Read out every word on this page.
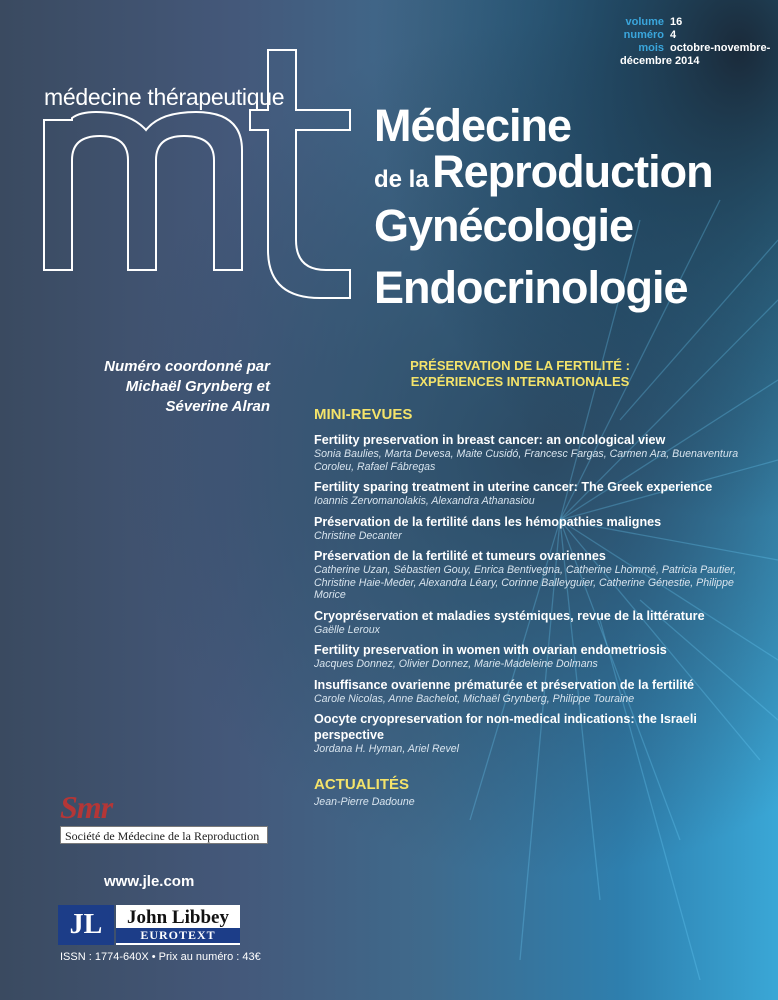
volume 16
numéro 4
mois octobre-novembre-décembre 2014
médecine thérapeutique
Médecine
de la Reproduction
Gynécologie
Endocrinologie
Numéro coordonné par
Michaël Grynberg et
Séverine Alran
PRÉSERVATION DE LA FERTILITÉ :
EXPÉRIENCES INTERNATIONALES
MINI-REVUES
Fertility preservation in breast cancer: an oncological view
Sonia Baulies, Marta Devesa, Maite Cusidó, Francesc Fargas, Carmen Ara, Buenaventura Coroleu, Rafael Fábregas
Fertility sparing treatment in uterine cancer: The Greek experience
Ioannis Zervomanolakis, Alexandra Athanasiou
Préservation de la fertilité dans les hémopathies malignes
Christine Decanter
Préservation de la fertilité et tumeurs ovariennes
Catherine Uzan, Sébastien Gouy, Enrica Bentivegna, Catherine Lhommé, Patricia Pautier, Christine Haie-Meder, Alexandra Léary, Corinne Balleyguier, Catherine Génestie, Philippe Morice
Cryopréservation et maladies systémiques, revue de la littérature
Gaëlle Leroux
Fertility preservation in women with ovarian endometriosis
Jacques Donnez, Olivier Donnez, Marie-Madeleine Dolmans
Insuffisance ovarienne prématurée et préservation de la fertilité
Carole Nicolas, Anne Bachelot, Michaël Grynberg, Philippe Touraine
Oocyte cryopreservation for non-medical indications: the Israeli perspective
Jordana H. Hyman, Ariel Revel
ACTUALITÉS
Jean-Pierre Dadoune
Smr
Société de Médecine de la Reproduction
www.jle.com
JL	John Libbey
EUROTEXT
ISSN : 1774-640X • Prix au numéro : 43€
